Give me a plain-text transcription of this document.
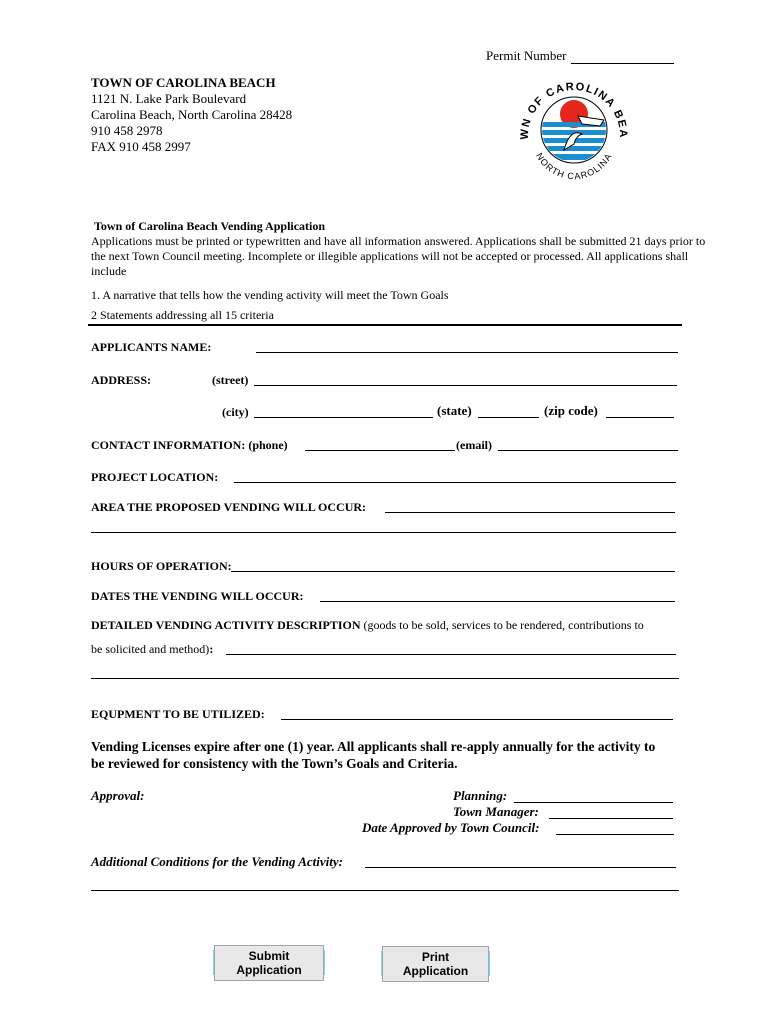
Permit Number
TOWN OF CAROLINA BEACH
1121 N. Lake Park Boulevard
Carolina Beach, North Carolina 28428
910 458 2978
FAX 910 458 2997
WN OF CAROLINA BEA
NORTH CAROLINA
Town of Carolina Beach Vending Application
Applications must be printed or typewritten and have all information answered. Applications shall be submitted 21 days prior to
the next Town Council meeting. Incomplete or illegible applications will not be accepted or processed. All applications shall
include
1. A narrative that tells how the vending activity will meet the Town Goals
2 Statements addressing all 15 criteria
APPLICANTS NAME:
ADDRESS:	(street)
(city)	(state)	(zip code)
CONTACT INFORMATION: (phone)	(email)
PROJECT LOCATION:
AREA THE PROPOSED VENDING WILL OCCUR:
HOURS OF OPERATION:
DATES THE VENDING WILL OCCUR:
DETAILED VENDING ACTIVITY DESCRIPTION (goods to be sold, services to be rendered, contributions to
be solicited and method):
EQUPMENT TO BE UTILIZED:
Vending Licenses expire after one (1) year. All applicants shall re-apply annually for the activity to
be reviewed for consistency with the Town’s Goals and Criteria.
Approval:	Planning:
Town Manager:
Date Approved by Town Council:
Additional Conditions for the Vending Activity:
Submit Application
Print Application
